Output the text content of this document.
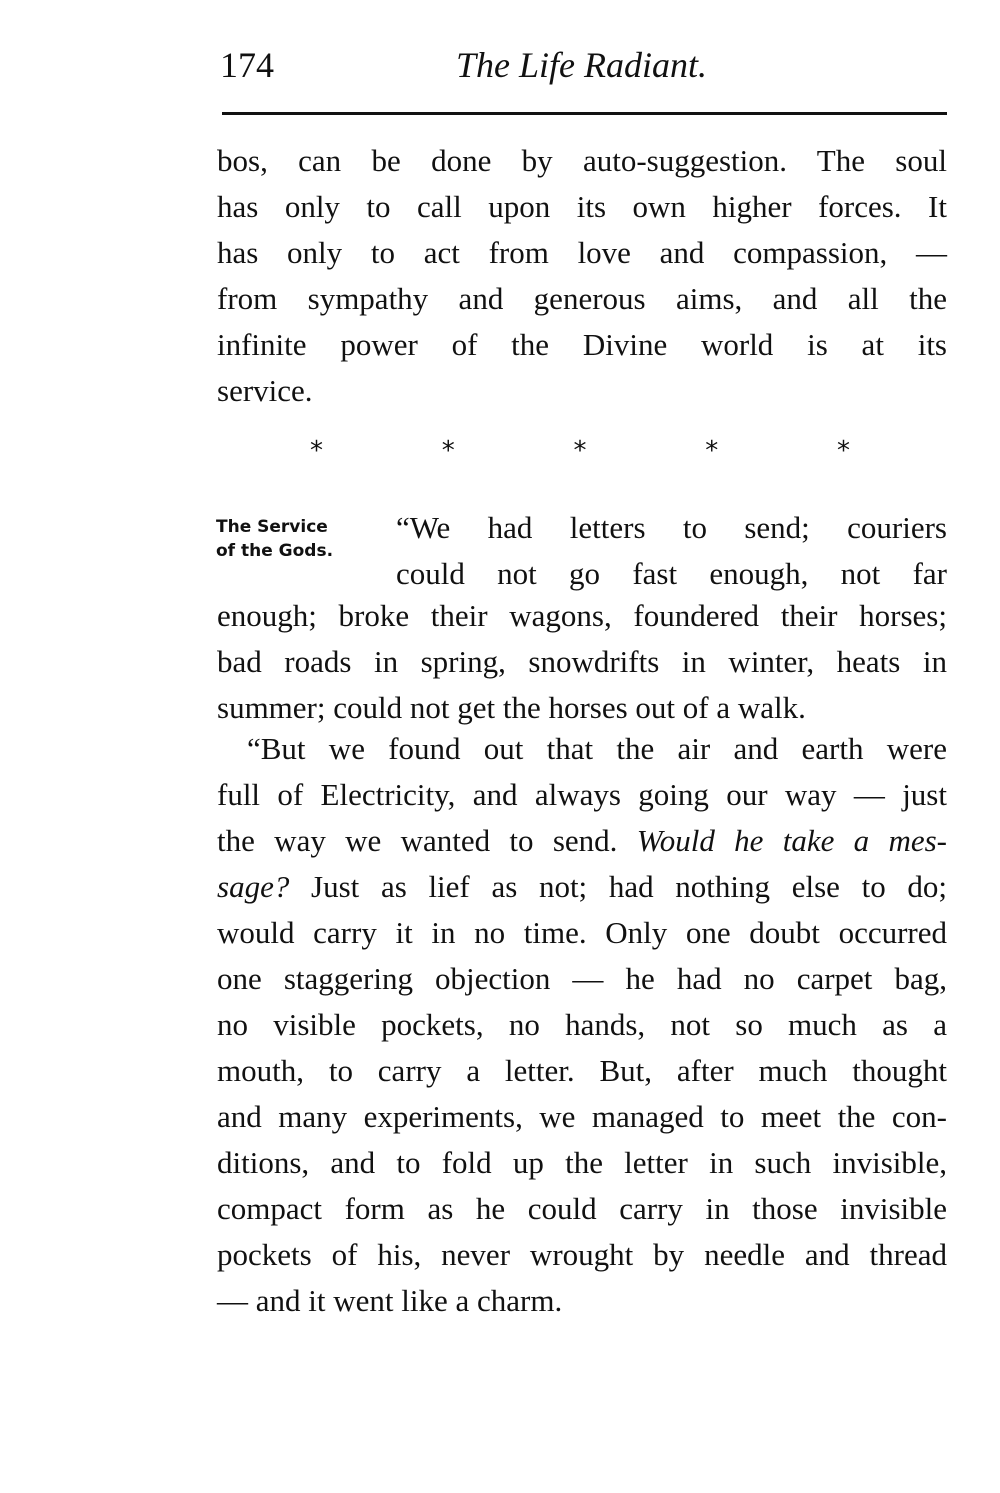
174	The Life Radiant.
bos, can be done by auto-suggestion. The soul
has only to call upon its own higher forces. It
has only to act from love and compassion, —
from sympathy and generous aims, and all the
infinite power of the Divine world is at its
service.
*	*	*	*	*
The Service
of the Gods.
“We had letters to send; couriers
could not go fast enough, not far
enough; broke their wagons, foundered their horses;
bad roads in spring, snowdrifts in winter, heats in
summer; could not get the horses out of a walk.
“But we found out that the air and earth were
full of Electricity, and always going our way — just
the way we wanted to send. Would he take a mes-
sage? Just as lief as not; had nothing else to do;
would carry it in no time. Only one doubt occurred
one staggering objection — he had no carpet bag,
no visible pockets, no hands, not so much as a
mouth, to carry a letter. But, after much thought
and many experiments, we managed to meet the con-
ditions, and to fold up the letter in such invisible,
compact form as he could carry in those invisible
pockets of his, never wrought by needle and thread
— and it went like a charm.
